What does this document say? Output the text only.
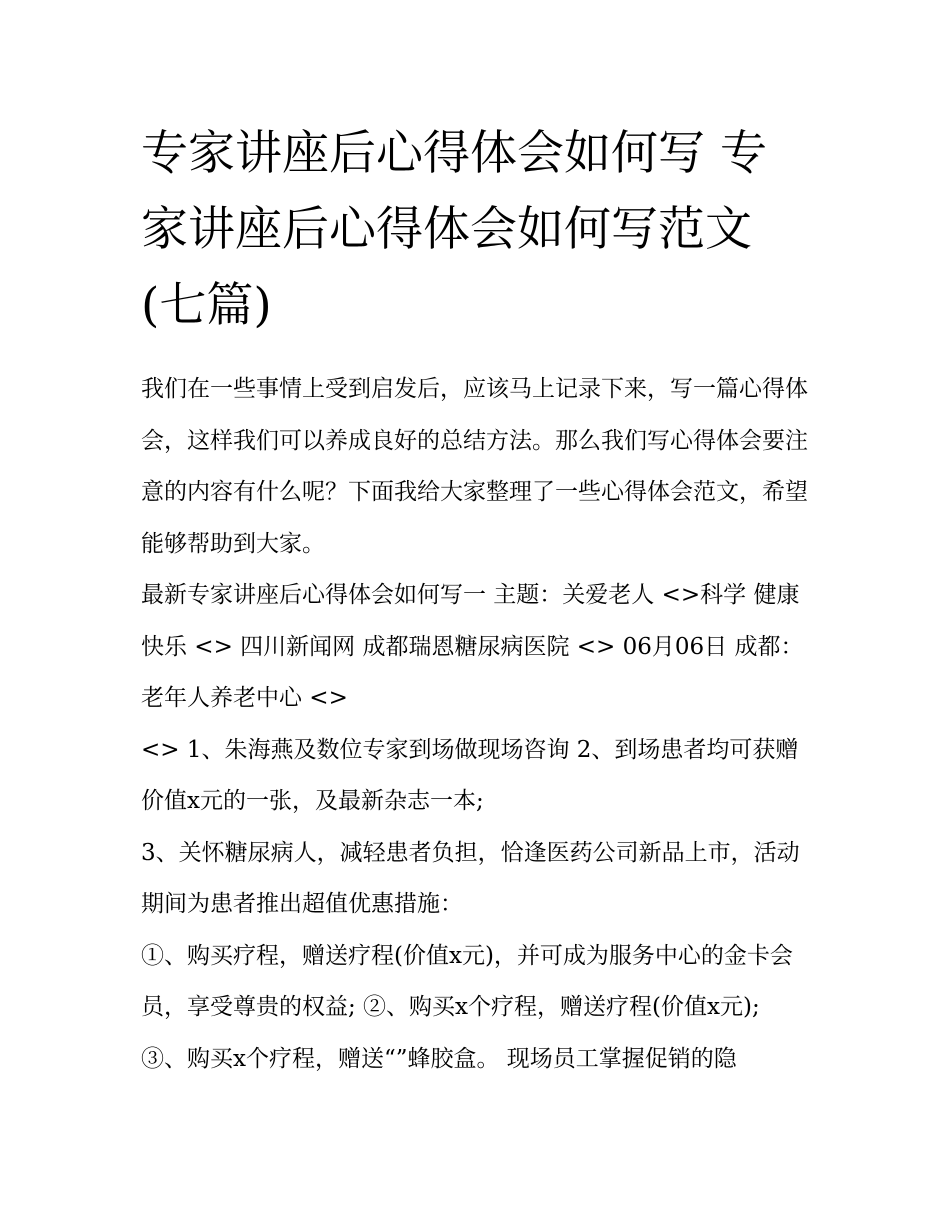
专家讲座后心得体会如何写 专家讲座后心得体会如何写范文(七篇)

我们在一些事情上受到启发后，应该马上记录下来，写一篇心得体会，这样我们可以养成良好的总结方法。那么我们写心得体会要注意的内容有什么呢？下面我给大家整理了一些心得体会范文，希望能够帮助到大家。

最新专家讲座后心得体会如何写一 主题：关爱老人 <>科学 健康 快乐 <> 四川新闻网 成都瑞恩糖尿病医院 <> 06月06日 成都：老年人养老中心 <>

<> 1、朱海燕及数位专家到场做现场咨询 2、到场患者均可获赠价值x元的一张，及最新杂志一本;

3、关怀糖尿病人，减轻患者负担，恰逢医药公司新品上市，活动期间为患者推出超值优惠措施：

①、购买疗程，赠送疗程(价值x元)，并可成为服务中心的金卡会员，享受尊贵的权益; ②、购买x个疗程，赠送疗程(价值x元);

③、购买x个疗程，赠送“”蜂胶盒。 现场员工掌握促销的隐
